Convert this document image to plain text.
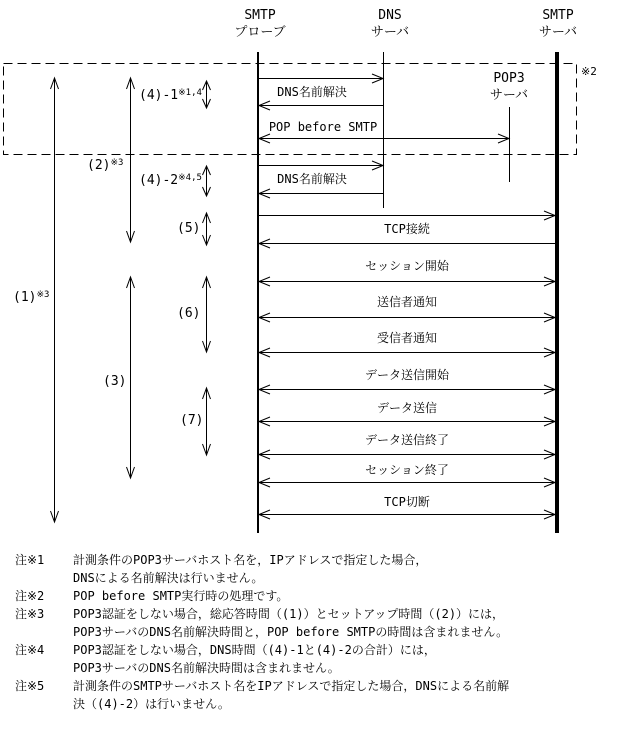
SMTP
プローブ
DNS
サーバ
SMTP
サーバ
POP3
サーバ
※2
DNS名前解決
POP before SMTP
DNS名前解決
TCP接続
セッション開始
送信者通知
受信者通知
データ送信開始
データ送信
データ送信終了
セッション終了
TCP切断
$(1)^{※3}$
$(2)^{※3}$
(3)
(4)-1$^{※1,4}$
(4)-2$^{※4,5}$
(5)
(6)
(7)
注※1	計測条件のPOP3サーバホスト名を，IPアドレスで指定した場合，
DNSによる名前解決は行いません。
注※2	POP before SMTP実行時の処理です。
注※3	POP3認証をしない場合，総応答時間（(1)）とセットアップ時間（(2)）には，
POP3サーバのDNS名前解決時間と，POP before SMTPの時間は含まれません。
注※4	POP3認証をしない場合，DNS時間（(4)-1と(4)-2の合計）には，
POP3サーバのDNS名前解決時間は含まれません。
注※5	計測条件のSMTPサーバホスト名をIPアドレスで指定した場合，DNSによる名前解
決（(4)-2）は行いません。
